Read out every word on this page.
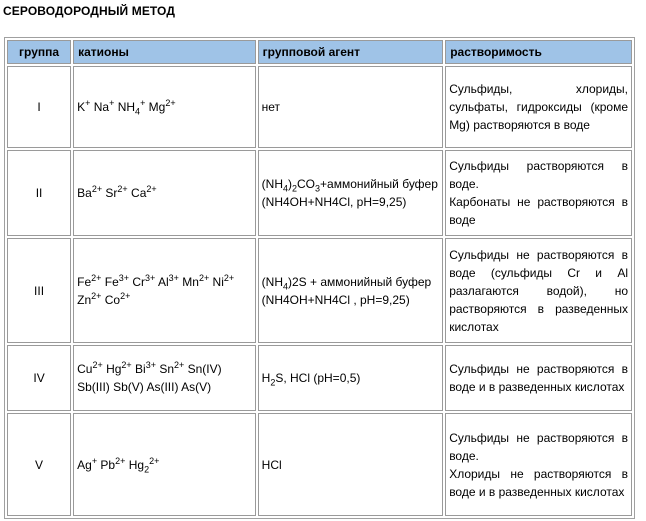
СЕРОВОДОРОДНЫЙ МЕТОД
группа	катионы	групповой агент	растворимость
I	K+ Na+ $NH_4^+$ $Mg^{2+}$	нет	Сульфиды, хлориды, сульфаты, гидроксиды (кроме Mg) растворяются в воде

II	$Ba^{2+}$ $Sr^{2+}$ $Ca^{2+}$	$(NH_4)_2CO_3+аммонийный$ буфер (NH4OH+NH4Cl, pH=9,25)	Сульфиды растворяются в воде.
Карбонаты не растворяются в воде

III	$Fe^{2+}$ $Fe^{3+}$ $Cr^{3+}$ $Al^{3+}$ $Mn^{2+}$ $Ni^{2+}$ $Zn^{2+}$ $Co^{2+}$	$(NH_4)2S$ + аммонийный буфер (NH4OH+NH4Cl , pH=9,25)	Сульфиды не растворяются в воде (сульфиды Cr и Al разлагаются водой), но растворяются в разведенных кислотах

IV	$Cu^{2+}$ $Hg^{2+}$ $Bi^{3+}$ $Sn^{2+}$ Sn(IV)
Sb(III) Sb(V) As(III) As(V)	$H_2S$, HCl (pH=0,5)	Сульфиды не растворяются в воде и в разведенных кислотах

V	Ag+ $Pb^{2+}$ $Hg_2^{2+}$	HCl	Сульфиды не растворяются в воде.
Хлориды не растворяются в воде и в разведенных кислотах
